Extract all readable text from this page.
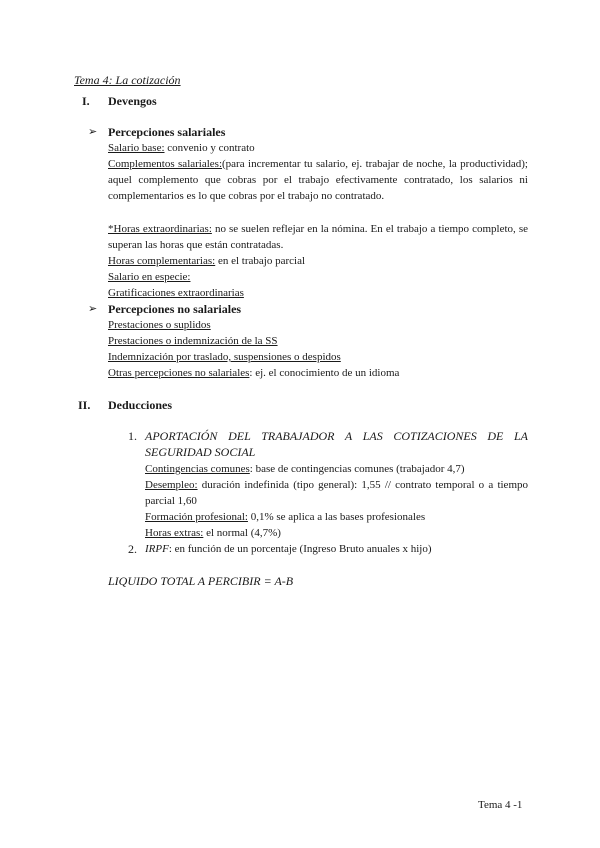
Tema 4: La cotización
I. Devengos
➢ Percepciones salariales
Salario base: convenio y contrato
Complementos salariales:(para incrementar tu salario, ej. trabajar de noche, la productividad); aquel complemento que cobras por el trabajo efectivamente contratado, los salarios ni complementarios es lo que cobras por el trabajo no contratado.
*Horas extraordinarias: no se suelen reflejar en la nómina. En el trabajo a tiempo completo, se superan las horas que están contratadas.
Horas complementarias: en el trabajo parcial
Salario en especie:
Gratificaciones extraordinarias
➢ Percepciones no salariales
Prestaciones o suplidos
Prestaciones o indemnización de la SS
Indemnización por traslado, suspensiones o despidos
Otras percepciones no salariales: ej. el conocimiento de un idioma
II. Deducciones
1. APORTACIÓN DEL TRABAJADOR A LAS COTIZACIONES DE LA SEGURIDAD SOCIAL
Contingencias comunes: base de contingencias comunes (trabajador 4,7)
Desempleo: duración indefinida (tipo general): 1,55 // contrato temporal o a tiempo parcial 1,60
Formación profesional: 0,1% se aplica a las bases profesionales
Horas extras: el normal (4,7%)
2. IRPF: en función de un porcentaje (Ingreso Bruto anuales x hijo)
LIQUIDO TOTAL A PERCIBIR = A-B
Tema 4 -1
